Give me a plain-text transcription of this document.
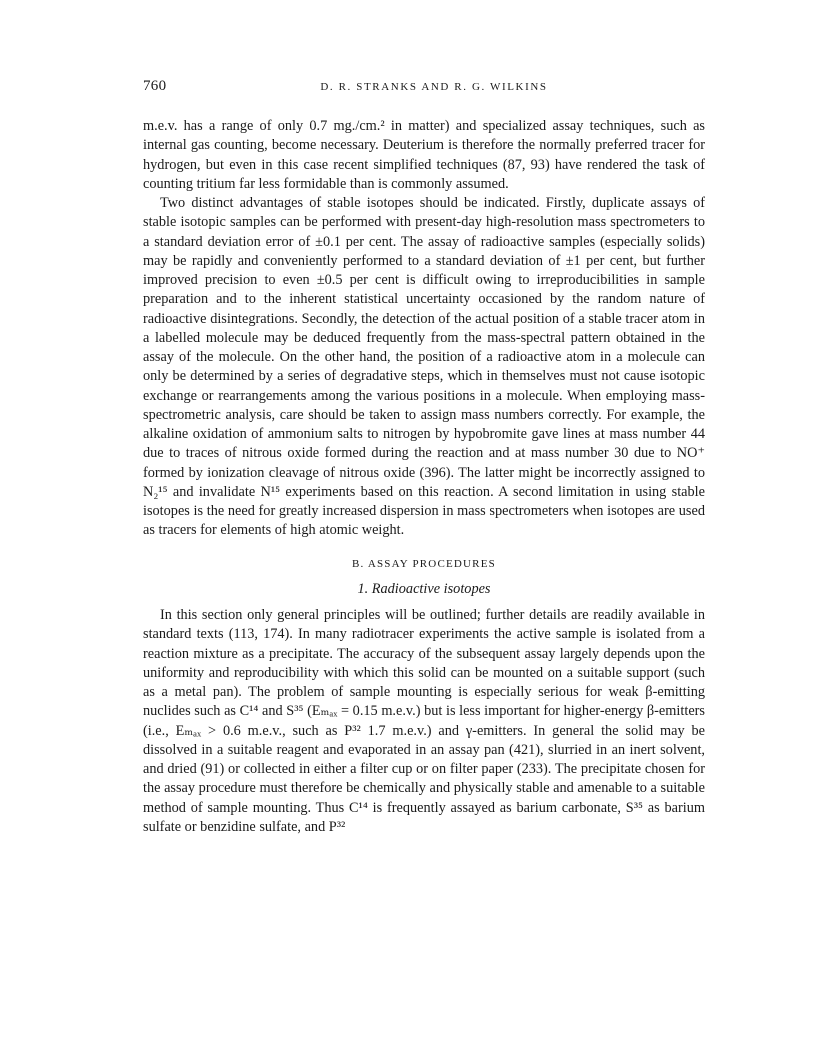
760	D. R. STRANKS AND R. G. WILKINS

m.e.v. has a range of only 0.7 mg./cm.² in matter) and specialized assay techniques, such as internal gas counting, become necessary. Deuterium is therefore the normally preferred tracer for hydrogen, but even in this case recent simplified techniques (87, 93) have rendered the task of counting tritium far less formidable than is commonly assumed.

Two distinct advantages of stable isotopes should be indicated. Firstly, duplicate assays of stable isotopic samples can be performed with present-day high-resolution mass spectrometers to a standard deviation error of ±0.1 per cent. The assay of radioactive samples (especially solids) may be rapidly and conveniently performed to a standard deviation of ±1 per cent, but further improved precision to even ±0.5 per cent is difficult owing to irreproducibilities in sample preparation and to the inherent statistical uncertainty occasioned by the random nature of radioactive disintegrations. Secondly, the detection of the actual position of a stable tracer atom in a labelled molecule may be deduced frequently from the mass-spectral pattern obtained in the assay of the molecule. On the other hand, the position of a radioactive atom in a molecule can only be determined by a series of degradative steps, which in themselves must not cause isotopic exchange or rearrangements among the various positions in a molecule. When employing mass-spectrometric analysis, care should be taken to assign mass numbers correctly. For example, the alkaline oxidation of ammonium salts to nitrogen by hypobromite gave lines at mass number 44 due to traces of nitrous oxide formed during the reaction and at mass number 30 due to NO⁺ formed by ionization cleavage of nitrous oxide (396). The latter might be incorrectly assigned to N₂¹⁵ and invalidate N¹⁵ experiments based on this reaction. A second limitation in using stable isotopes is the need for greatly increased dispersion in mass spectrometers when isotopes are used as tracers for elements of high atomic weight.

B. ASSAY PROCEDURES
1. Radioactive isotopes

In this section only general principles will be outlined; further details are readily available in standard texts (113, 174). In many radiotracer experiments the active sample is isolated from a reaction mixture as a precipitate. The accuracy of the subsequent assay largely depends upon the uniformity and reproducibility with which this solid can be mounted on a suitable support (such as a metal pan). The problem of sample mounting is especially serious for weak β-emitting nuclides such as C¹⁴ and S³⁵ (Eₘₐₓ = 0.15 m.e.v.) but is less important for higher-energy β-emitters (i.e., Eₘₐₓ > 0.6 m.e.v., such as P³² 1.7 m.e.v.) and γ-emitters. In general the solid may be dissolved in a suitable reagent and evaporated in an assay pan (421), slurried in an inert solvent, and dried (91) or collected in either a filter cup or on filter paper (233). The precipitate chosen for the assay procedure must therefore be chemically and physically stable and amenable to a suitable method of sample mounting. Thus C¹⁴ is frequently assayed as barium carbonate, S³⁵ as barium sulfate or benzidine sulfate, and P³²
